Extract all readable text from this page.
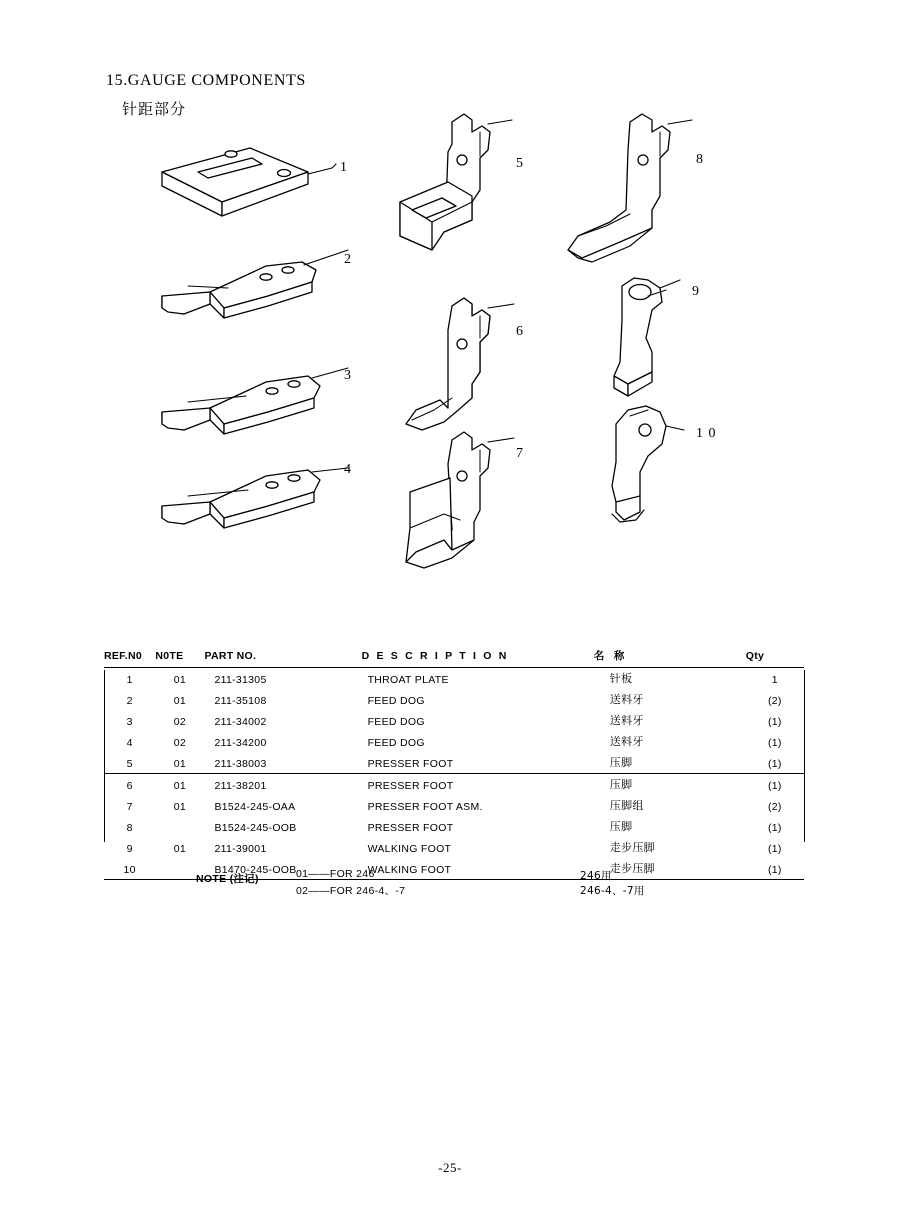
15.GAUGE COMPONENTS
针距部分
1
2
3
4
5
6
7
8
9
1 0
REF.N0	N0TE	PART NO.	D E S C R I P T I O N	名 称	Qty
1	01	211-31305	THROAT PLATE	针板	1
2	01	211-35108	FEED DOG	送料牙	(2)
3	02	211-34002	FEED DOG	送料牙	(1)
4	02	211-34200	FEED DOG	送料牙	(1)
5	01	211-38003	PRESSER FOOT	压脚	(1)
6	01	211-38201	PRESSER FOOT	压脚	(1)
7	01	B1524-245-OAA	PRESSER FOOT ASM.	压脚组	(2)
8		B1524-245-OOB	PRESSER FOOT	压脚	(1)
9	01	211-39001	WALKING FOOT	走步压脚	(1)
10		B1470-245-OOB	WALKING FOOT	走步压脚	(1)
NOTE (注记)	01——FOR 246	246用
02——FOR 246-4、-7	246-4、-7用
-25-
